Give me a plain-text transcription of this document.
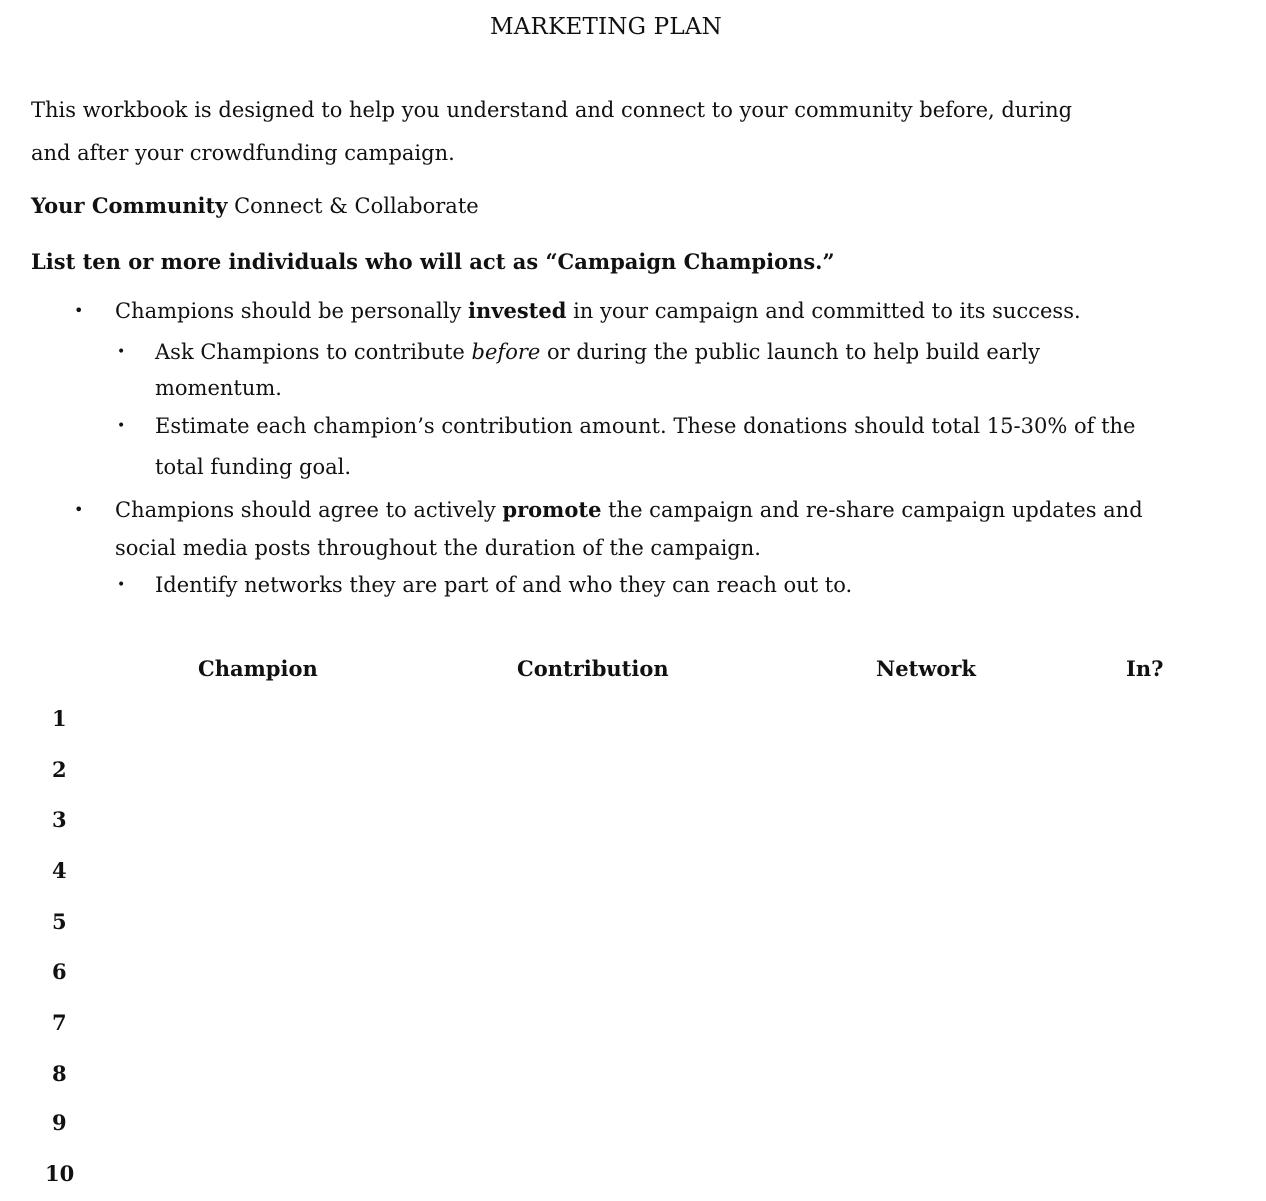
MARKETING PLAN
This workbook is designed to help you understand and connect to your community before, during
and after your crowdfunding campaign.
Your Community Connect & Collaborate
List ten or more individuals who will act as “Campaign Champions.”
• Champions should be personally invested in your campaign and committed to its success.
• Ask Champions to contribute before or during the public launch to help build early
momentum.
• Estimate each champion’s contribution amount. These donations should total 15-30% of the
total funding goal.
• Champions should agree to actively promote the campaign and re-share campaign updates and
social media posts throughout the duration of the campaign.
• Identify networks they are part of and who they can reach out to.
Champion	Contribution	Network	In?
1
2
3
4
5
6
7
8
9
10
